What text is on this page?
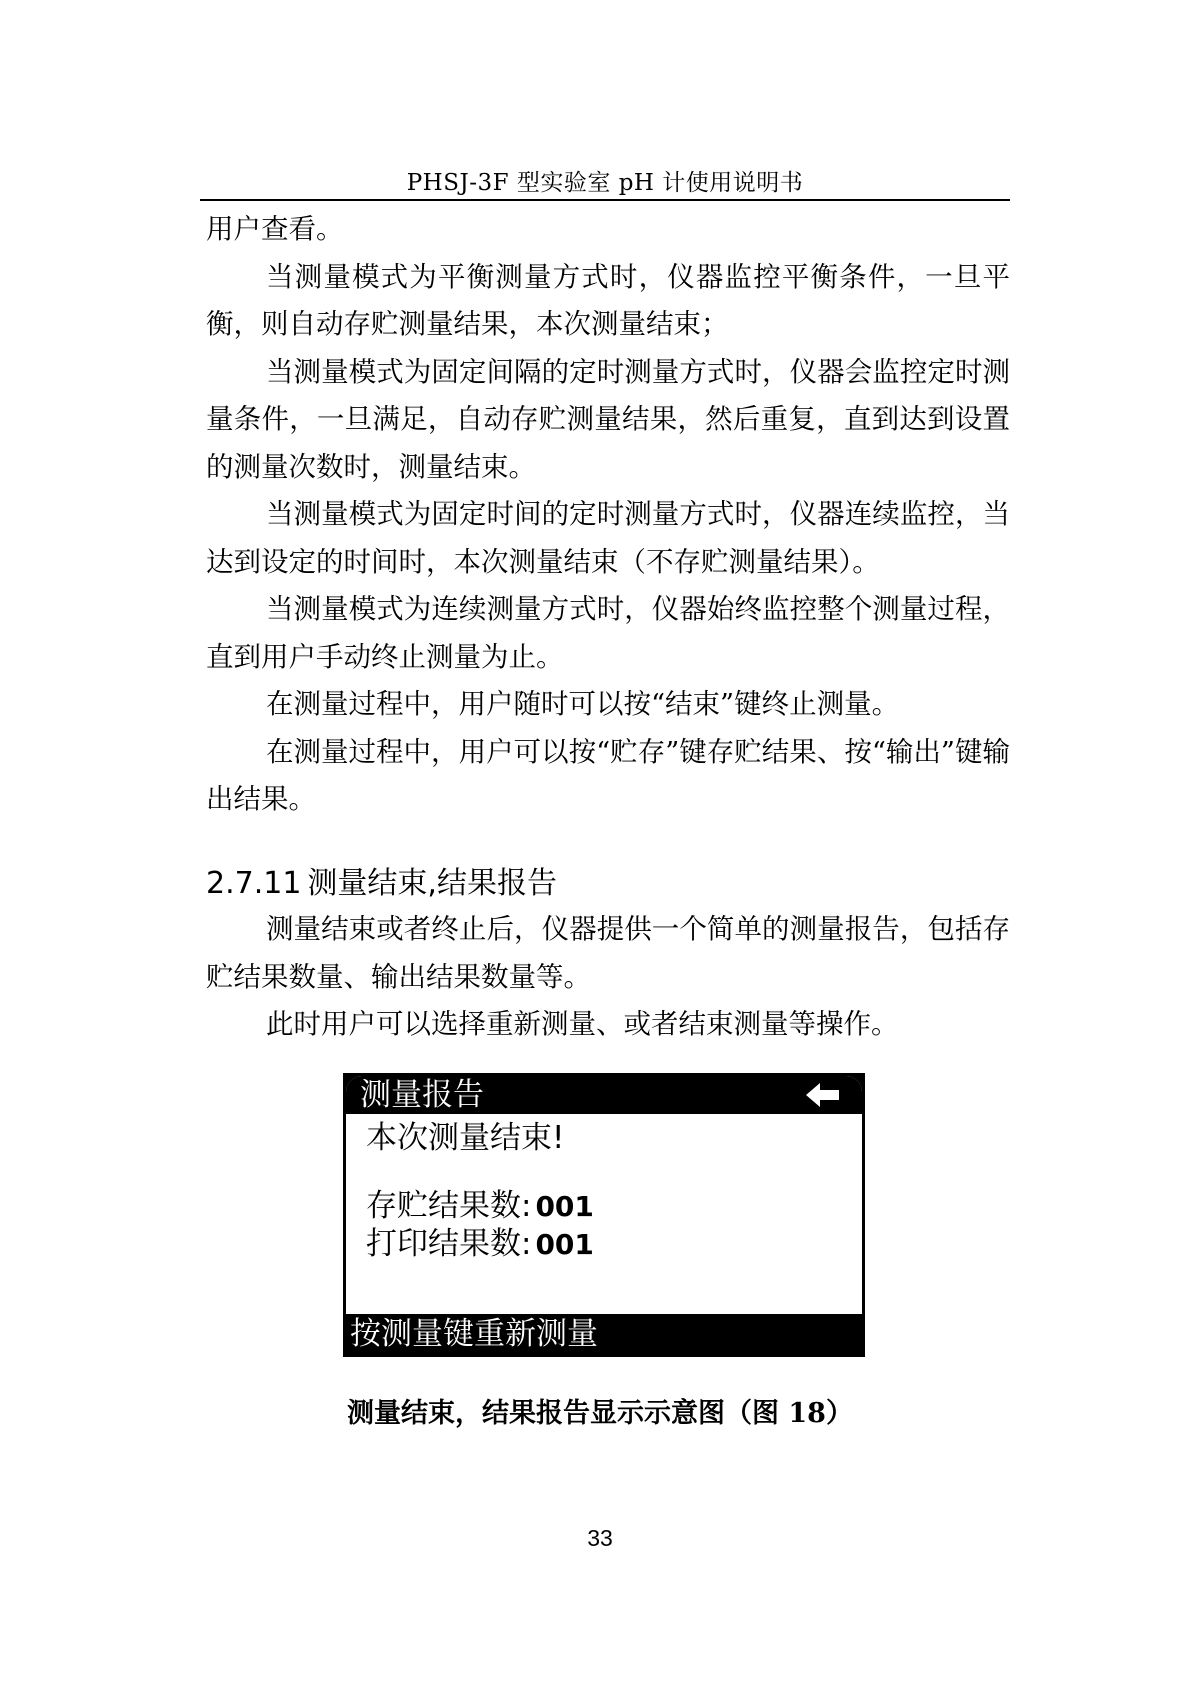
PHSJ-3F 型实验室 pH 计使用说明书

用户查看。

当测量模式为平衡测量方式时，仪器监控平衡条件，一旦平衡，则自动存贮测量结果，本次测量结束；

当测量模式为固定间隔的定时测量方式时，仪器会监控定时测量条件，一旦满足，自动存贮测量结果，然后重复，直到达到设置的测量次数时，测量结束。

当测量模式为固定时间的定时测量方式时，仪器连续监控，当达到设定的时间时，本次测量结束（不存贮测量结果）。

当测量模式为连续测量方式时，仪器始终监控整个测量过程，直到用户手动终止测量为止。

在测量过程中，用户随时可以按“结束”键终止测量。

在测量过程中，用户可以按“贮存”键存贮结果、按“输出”键输出结果。

2.7.11 测量结束,结果报告

测量结束或者终止后，仪器提供一个简单的测量报告，包括存贮结果数量、输出结果数量等。

此时用户可以选择重新测量、或者结束测量等操作。

测量报告
本次测量结束!
存贮结果数: 001
打印结果数: 001
按测量键重新测量
测量结束，结果报告显示示意图（图 18）
33
